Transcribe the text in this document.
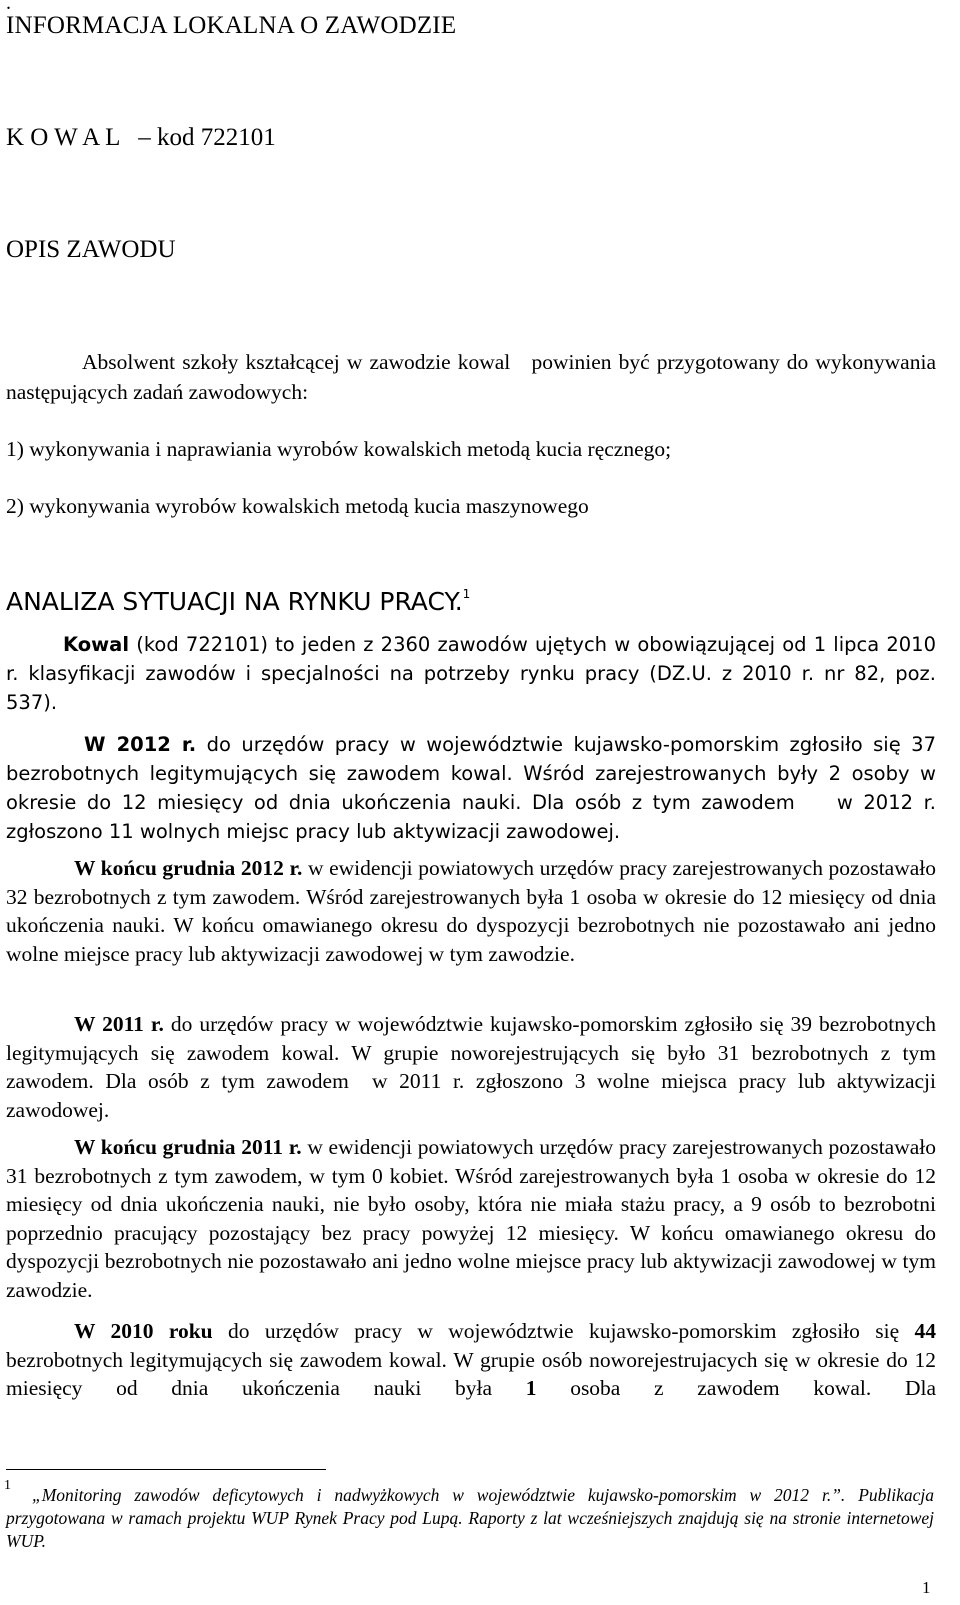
.
INFORMACJA LOKALNA O ZAWODZIE
K O W A L   – kod 722101
OPIS ZAWODU

Absolwent szkoły kształcącej w zawodzie kowal   powinien być przygotowany do wykonywania następujących zadań zawodowych:

1) wykonywania i naprawiania wyrobów kowalskich metodą kucia ręcznego;

2) wykonywania wyrobów kowalskich metodą kucia maszynowego

ANALIZA SYTUACJI NA RYNKU PRACY.$^1$

Kowal (kod 722101) to jeden z 2360 zawodów ujętych w obowiązującej od 1 lipca 2010 r. klasyfikacji zawodów i specjalności na potrzeby rynku pracy (DZ.U. z 2010 r. nr 82, poz. 537).

W 2012 r. do urzędów pracy w województwie kujawsko-pomorskim zgłosiło się 37 bezrobotnych legitymujących się zawodem kowal. Wśród zarejestrowanych były 2 osoby w okresie do 12 miesięcy od dnia ukończenia nauki. Dla osób z tym zawodem    w 2012 r. zgłoszono 11 wolnych miejsc pracy lub aktywizacji zawodowej.

W końcu grudnia 2012 r. w ewidencji powiatowych urzędów pracy zarejestrowanych pozostawało 32 bezrobotnych z tym zawodem. Wśród zarejestrowanych była 1 osoba w okresie do 12 miesięcy od dnia ukończenia nauki. W końcu omawianego okresu do dyspozycji bezrobotnych nie pozostawało ani jedno wolne miejsce pracy lub aktywizacji zawodowej w tym zawodzie.

W 2011 r. do urzędów pracy w województwie kujawsko-pomorskim zgłosiło się 39 bezrobotnych legitymujących się zawodem kowal. W grupie noworejestrujących się było 31 bezrobotnych z tym zawodem. Dla osób z tym zawodem  w 2011 r. zgłoszono 3 wolne miejsca pracy lub aktywizacji zawodowej.

W końcu grudnia 2011 r. w ewidencji powiatowych urzędów pracy zarejestrowanych pozostawało 31 bezrobotnych z tym zawodem, w tym 0 kobiet. Wśród zarejestrowanych była 1 osoba w okresie do 12 miesięcy od dnia ukończenia nauki, nie było osoby, która nie miała stażu pracy, a 9 osób to bezrobotni poprzednio pracujący pozostający bez pracy powyżej 12 miesięcy. W końcu omawianego okresu do dyspozycji bezrobotnych nie pozostawało ani jedno wolne miejsce pracy lub aktywizacji zawodowej w tym zawodzie.

W 2010 roku do urzędów pracy w województwie kujawsko-pomorskim zgłosiło się 44 bezrobotnych legitymujących się zawodem kowal. W grupie osób noworejestrujacych się w okresie do 12 miesięcy od dnia ukończenia nauki była 1 osoba z zawodem kowal. Dla

1	„Monitoring zawodów deficytowych i nadwyżkowych w województwie kujawsko-pomorskim w 2012 r.”. Publikacja przygotowana w ramach projektu WUP Rynek Pracy pod Lupą. Raporty z lat wcześniejszych znajdują się na stronie internetowej WUP.

1
